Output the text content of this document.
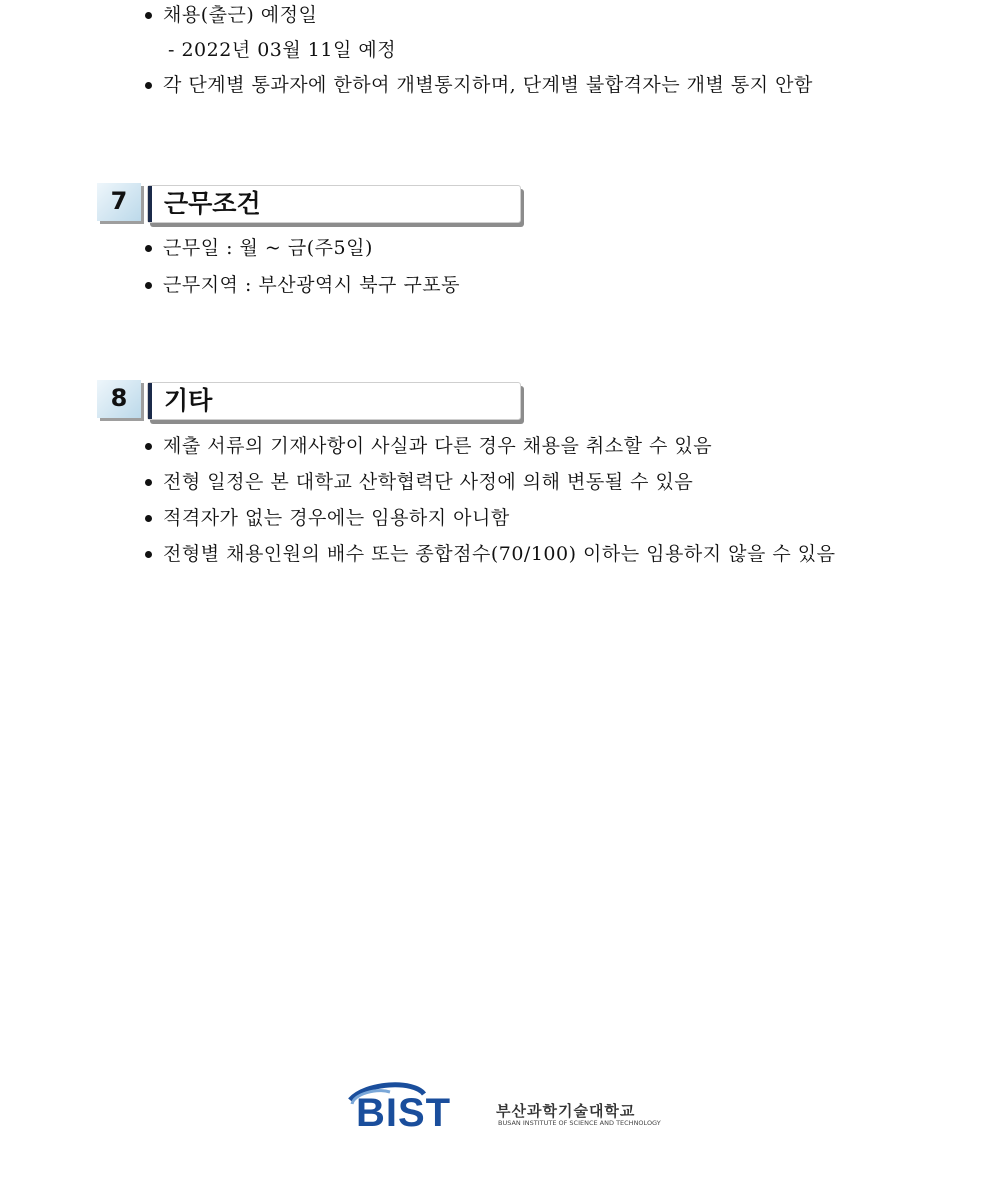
채용(출근) 예정일
- 2022년 03월 11일 예정
각 단계별 통과자에 한하여 개별통지하며, 단계별 불합격자는 개별 통지 안함
7	근무조건
근무일 : 월 ~ 금(주5일)
근무지역 : 부산광역시 북구 구포동
8	기타
제출 서류의 기재사항이 사실과 다른 경우 채용을 취소할 수 있음
전형 일정은 본 대학교 산학협력단 사정에 의해 변동될 수 있음
적격자가 없는 경우에는 임용하지 아니함
전형별 채용인원의 배수 또는 종합점수(70/100) 이하는 임용하지 않을 수 있음
BIST	부산과학기술대학교
BUSAN INSTITUTE OF SCIENCE AND TECHNOLOGY
